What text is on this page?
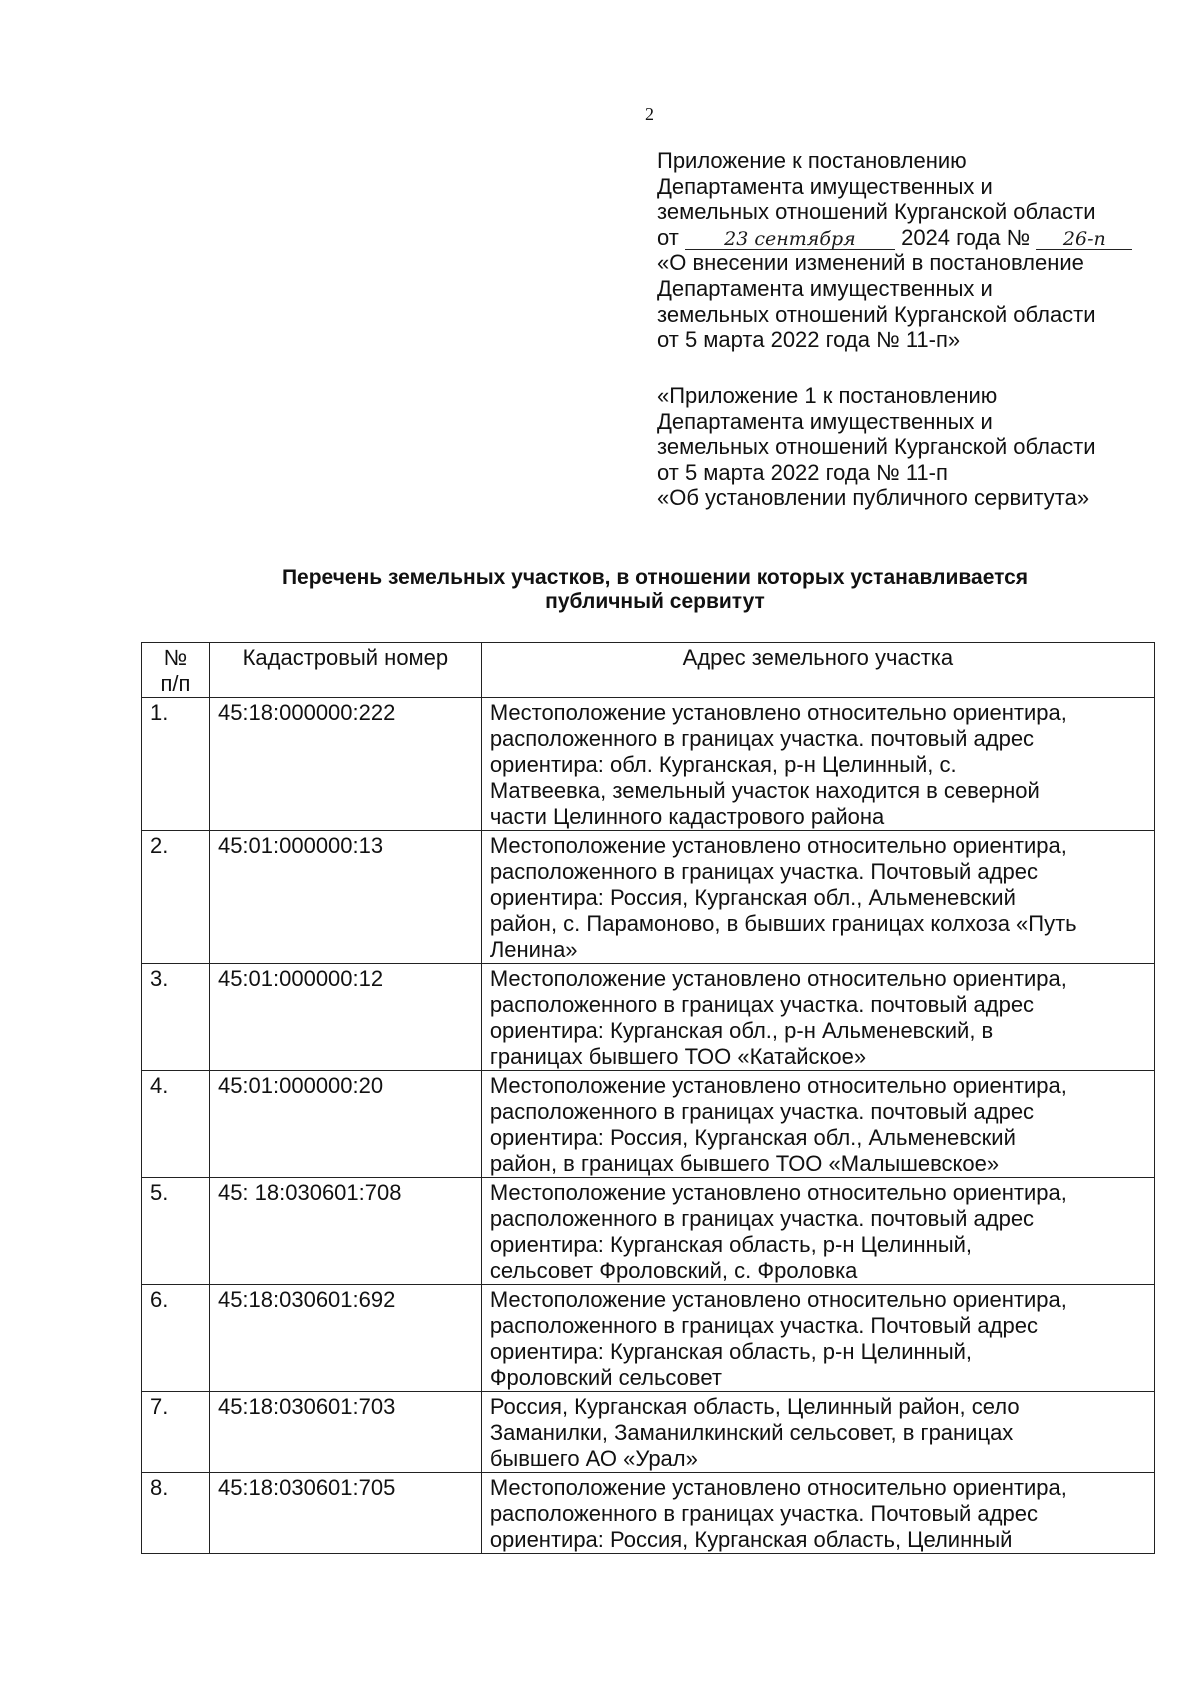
2
Приложение к постановлению
Департамента имущественных и
земельных отношений Курганской области
от 23 сентября 2024 года № 26-п
«О внесении изменений в постановление
Департамента имущественных и
земельных отношений Курганской области
от 5 марта 2022 года № 11-п»
«Приложение 1 к постановлению
Департамента имущественных и
земельных отношений Курганской области
от 5 марта 2022 года № 11-п
«Об установлении публичного сервитута»
Перечень земельных участков, в отношении которых устанавливается
публичный сервитут
№
п/п	Кадастровый номер	Адрес земельного участка
1.	45:18:000000:222	Местоположение установлено относительно ориентира,
расположенного в границах участка. почтовый адрес
ориентира: обл. Курганская, р-н Целинный, с.
Матвеевка, земельный участок находится в северной
части Целинного кадастрового района

2.	45:01:000000:13	Местоположение установлено относительно ориентира,
расположенного в границах участка. Почтовый адрес
ориентира: Россия, Курганская обл., Альменевский
район, с. Парамоново, в бывших границах колхоза «Путь
Ленина»

3.	45:01:000000:12	Местоположение установлено относительно ориентира,
расположенного в границах участка. почтовый адрес
ориентира: Курганская обл., р-н Альменевский, в
границах бывшего ТОО «Катайское»

4.	45:01:000000:20	Местоположение установлено относительно ориентира,
расположенного в границах участка. почтовый адрес
ориентира: Россия, Курганская обл., Альменевский
район, в границах бывшего ТОО «Малышевское»

5.	45: 18:030601:708	Местоположение установлено относительно ориентира,
расположенного в границах участка. почтовый адрес
ориентира: Курганская область, р-н Целинный,
сельсовет Фроловский, с. Фроловка

6.	45:18:030601:692	Местоположение установлено относительно ориентира,
расположенного в границах участка. Почтовый адрес
ориентира: Курганская область, р-н Целинный,
Фроловский сельсовет

7.	45:18:030601:703	Россия, Курганская область, Целинный район, село
Заманилки, Заманилкинский сельсовет, в границах
бывшего АО «Урал»

8.	45:18:030601:705	Местоположение установлено относительно ориентира,
расположенного в границах участка. Почтовый адрес
ориентира: Россия, Курганская область, Целинный
